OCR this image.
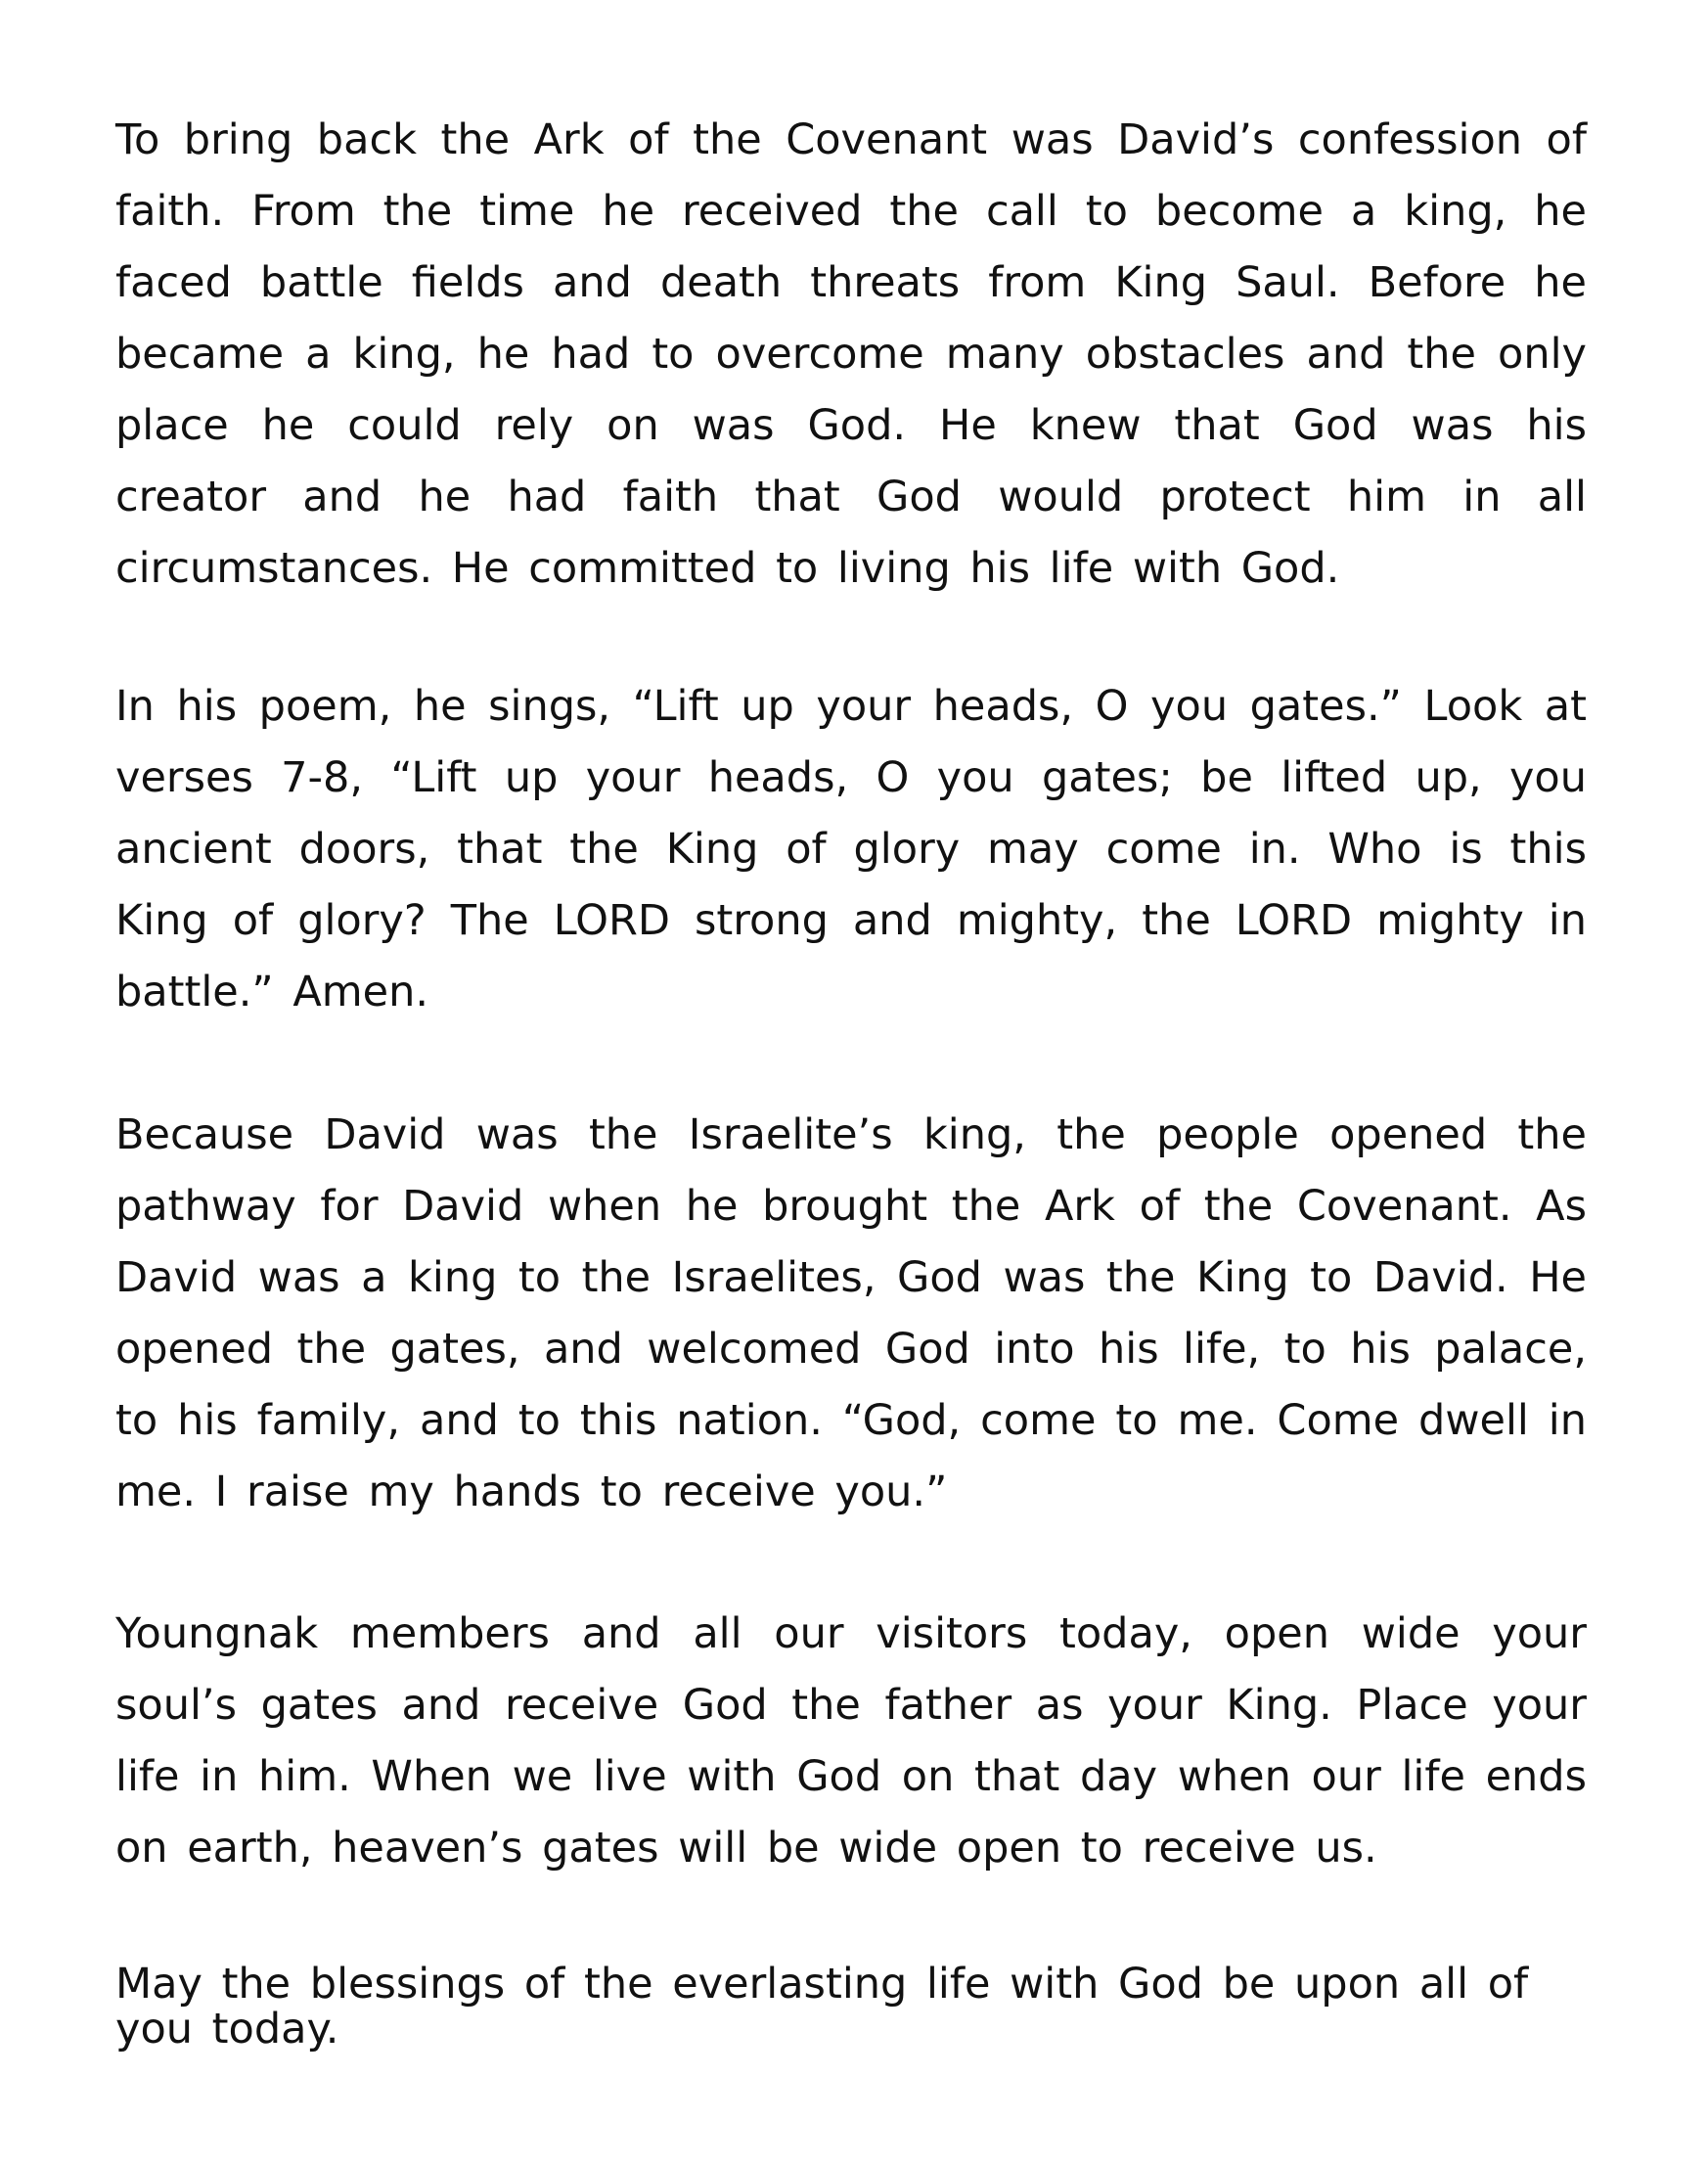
To bring back the Ark of the Covenant was David’s confession of faith. From the time he received the call to become a king, he faced battle fields and death threats from King Saul. Before he became a king, he had to overcome many obstacles and the only place he could rely on was God. He knew that God was his creator and he had faith that God would protect him in all circumstances. He committed to living his life with God.

In his poem, he sings, “Lift up your heads, O you gates.” Look at verses 7-8, “Lift up your heads, O you gates; be lifted up, you ancient doors, that the King of glory may come in. Who is this King of glory? The LORD strong and mighty, the LORD mighty in battle.” Amen.

Because David was the Israelite’s king, the people opened the pathway for David when he brought the Ark of the Covenant. As David was a king to the Israelites, God was the King to David. He opened the gates, and welcomed God into his life, to his palace, to his family, and to this nation. “God, come to me. Come dwell in me. I raise my hands to receive you.”

Youngnak members and all our visitors today, open wide your soul’s gates and receive God the father as your King. Place your life in him. When we live with God on that day when our life ends on earth, heaven’s gates will be wide open to receive us.

May the blessings of the everlasting life with God be upon all of you today.
